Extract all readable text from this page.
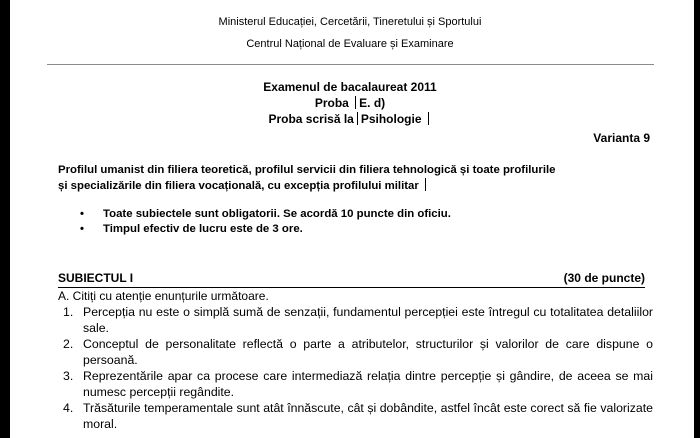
Ministerul Educației, Cercetării, Tineretului și Sportului
Centrul Național de Evaluare și Examinare
Examenul de bacalaureat 2011
Proba E. d)
Proba scrisă la Psihologie
Varianta 9
Profilul umanist din filiera teoretică, profilul servicii din filiera tehnologică și toate profilurile
și specializările din filiera vocațională, cu excepția profilului militar
• Toate subiectele sunt obligatorii. Se acordă 10 puncte din oficiu.
• Timpul efectiv de lucru este de 3 ore.
SUBIECTUL I	(30 de puncte)
A. Citiți cu atenție enunțurile următoare.
1. Percepția nu este o simplă sumă de senzații, fundamentul percepției este întregul cu totalitatea detaliilor sale.
2. Conceptul de personalitate reflectă o parte a atributelor, structurilor și valorilor de care dispune o persoană.
3. Reprezentările apar ca procese care intermediază relația dintre percepție și gândire, de aceea se mai numesc percepții regândite.
4. Trăsăturile temperamentale sunt atât înnăscute, cât și dobândite, astfel încât este corect să fie valorizate moral.
